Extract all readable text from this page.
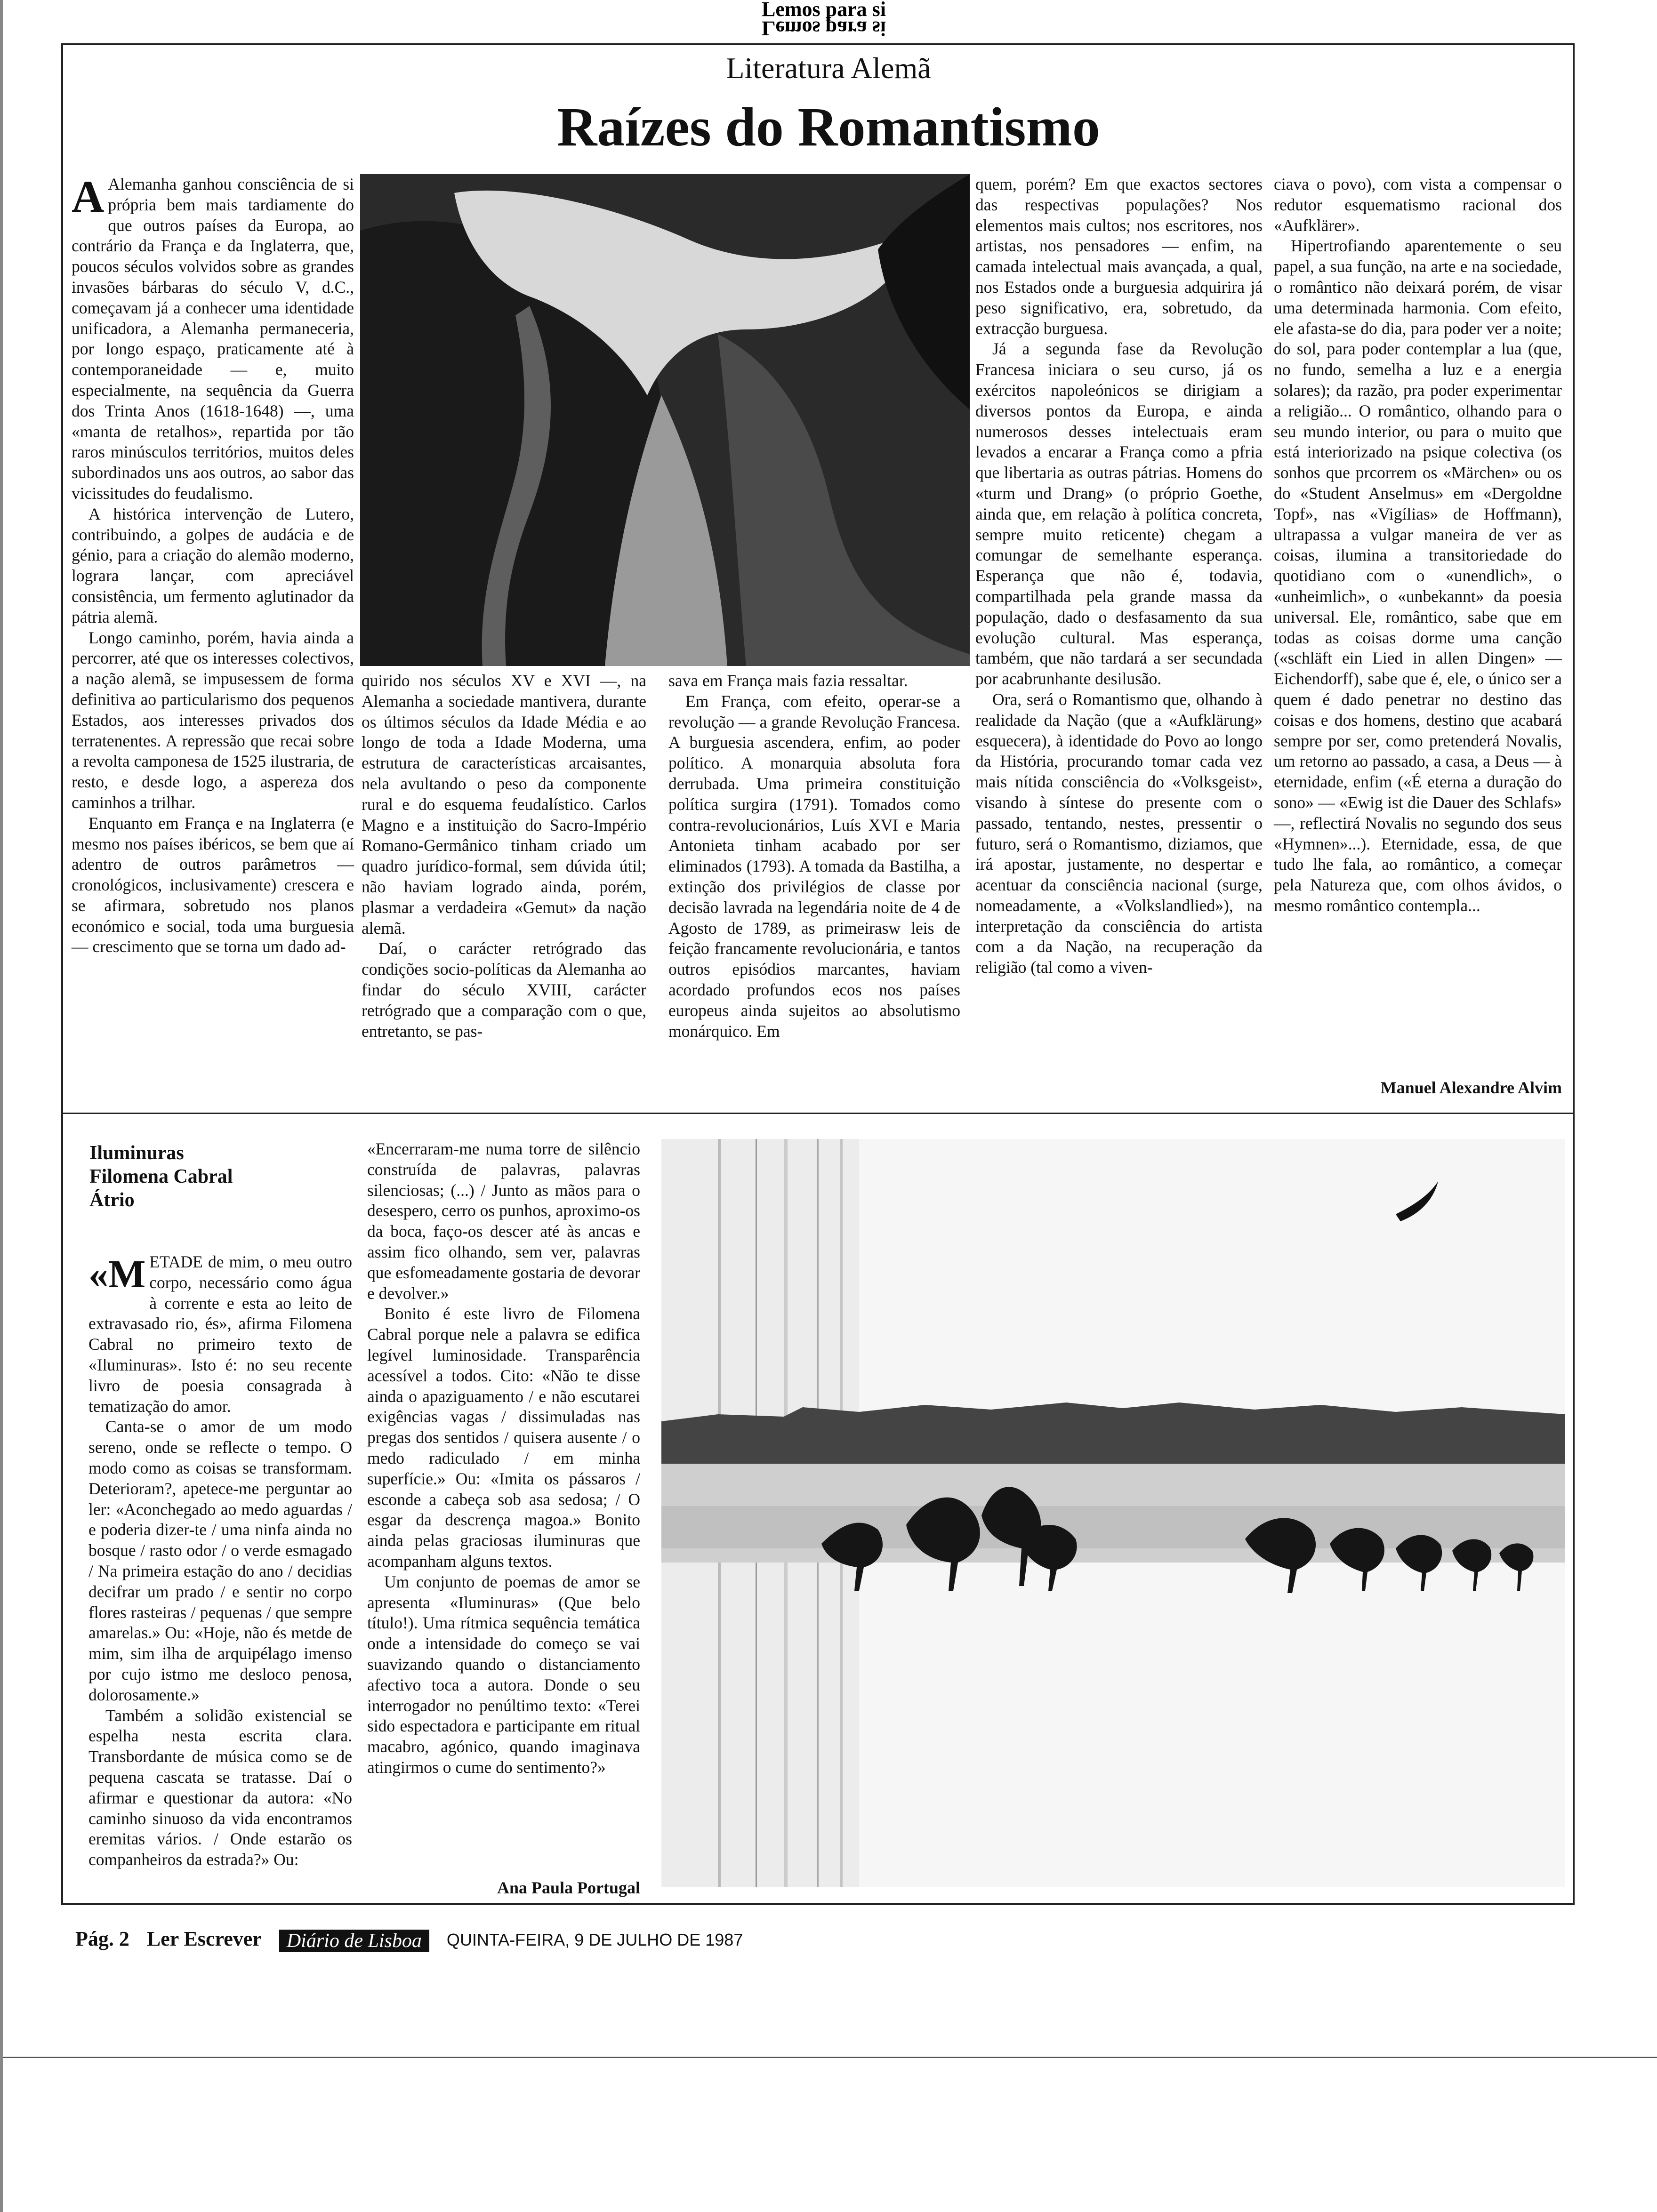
Lemos para si
Lemos para si
Literatura Alemã
Raízes do Romantismo

A Alemanha ganhou consciência de si própria bem mais tardiamente do que outros países da Europa, ao contrário da França e da Inglaterra, que, poucos séculos volvidos sobre as grandes invasões bárbaras do século V, d.C., começavam já a conhecer uma identidade unificadora, a Alemanha permaneceria, por longo espaço, praticamente até à contemporaneidade — e, muito especialmente, na sequência da Guerra dos Trinta Anos (1618-1648) —, uma «manta de retalhos», repartida por tão raros minúsculos territórios, muitos deles subordinados uns aos outros, ao sabor das vicissitudes do feudalismo.

A histórica intervenção de Lutero, contribuindo, a golpes de audácia e de génio, para a criação do alemão moderno, lograra lançar, com apreciável consistência, um fermento aglutinador da pátria alemã.

Longo caminho, porém, havia ainda a percorrer, até que os interesses colectivos, a nação alemã, se impusessem de forma definitiva ao particularismo dos pequenos Estados, aos interesses privados dos terratenentes. A repressão que recai sobre a revolta camponesa de 1525 ilustraria, de resto, e desde logo, a aspereza dos caminhos a trilhar.

Enquanto em França e na Inglaterra (e mesmo nos países ibéricos, se bem que aí adentro de outros parâmetros — cronológicos, inclusivamente) crescera e se afirmara, sobretudo nos planos económico e social, toda uma burguesia — crescimento que se torna um dado ad-

quirido nos séculos XV e XVI —, na Alemanha a sociedade mantivera, durante os últimos séculos da Idade Média e ao longo de toda a Idade Moderna, uma estrutura de características arcaisantes, nela avultando o peso da componente rural e do esquema feudalístico. Carlos Magno e a instituição do Sacro-Império Romano-Germânico tinham criado um quadro jurídico-formal, sem dúvida útil; não haviam logrado ainda, porém, plasmar a verdadeira «Gemut» da nação alemã.

Daí, o carácter retrógrado das condições socio-políticas da Alemanha ao findar do século XVIII, carácter retrógrado que a comparação com o que, entretanto, se pas-

sava em França mais fazia ressaltar.

Em França, com efeito, operar-se a revolução — a grande Revolução Francesa. A burguesia ascendera, enfim, ao poder político. A monarquia absoluta fora derrubada. Uma primeira constituição política surgira (1791). Tomados como contra-revolucionários, Luís XVI e Maria Antonieta tinham acabado por ser eliminados (1793). A tomada da Bastilha, a extinção dos privilégios de classe por decisão lavrada na legendária noite de 4 de Agosto de 1789, as primeirasw leis de feição francamente revolucionária, e tantos outros episódios marcantes, haviam acordado profundos ecos nos países europeus ainda sujeitos ao absolutismo monárquico. Em

quem, porém? Em que exactos sectores das respectivas populações? Nos elementos mais cultos; nos escritores, nos artistas, nos pensadores — enfim, na camada intelectual mais avançada, a qual, nos Estados onde a burguesia adquirira já peso significativo, era, sobretudo, da extracção burguesa.

Já a segunda fase da Revolução Francesa iniciara o seu curso, já os exércitos napoleónicos se dirigiam a diversos pontos da Europa, e ainda numerosos desses intelectuais eram levados a encarar a França como a pfria que libertaria as outras pátrias. Homens do «turm und Drang» (o próprio Goethe, ainda que, em relação à política concreta, sempre muito reticente) chegam a comungar de semelhante esperança. Esperança que não é, todavia, compartilhada pela grande massa da população, dado o desfasamento da sua evolução cultural. Mas esperança, também, que não tardará a ser secundada por acabrunhante desilusão.

Ora, será o Romantismo que, olhando à realidade da Nação (que a «Aufklärung» esquecera), à identidade do Povo ao longo da História, procurando tomar cada vez mais nítida consciência do «Volksgeist», visando à síntese do presente com o passado, tentando, nestes, pressentir o futuro, será o Romantismo, diziamos, que irá apostar, justamente, no despertar e acentuar da consciência nacional (surge, nomeadamente, a «Volkslandlied»), na interpretação da consciência do artista com a da Nação, na recuperação da religião (tal como a viven-

ciava o povo), com vista a compensar o redutor esquematismo racional dos «Aufklärer».

Hipertrofiando aparentemente o seu papel, a sua função, na arte e na sociedade, o romântico não deixará porém, de visar uma determinada harmonia. Com efeito, ele afasta-se do dia, para poder ver a noite; do sol, para poder contemplar a lua (que, no fundo, semelha a luz e a energia solares); da razão, pra poder experimentar a religião... O romântico, olhando para o seu mundo interior, ou para o muito que está interiorizado na psique colectiva (os sonhos que prcorrem os «Märchen» ou os do «Student Anselmus» em «Dergoldne Topf», nas «Vigílias» de Hoffmann), ultrapassa a vulgar maneira de ver as coisas, ilumina a transitoriedade do quotidiano com o «unendlich», o «unheimlich», o «unbekannt» da poesia universal. Ele, romântico, sabe que em todas as coisas dorme uma canção («schläft ein Lied in allen Dingen» — Eichendorff), sabe que é, ele, o único ser a quem é dado penetrar no destino das coisas e dos homens, destino que acabará sempre por ser, como pretenderá Novalis, um retorno ao passado, a casa, a Deus — à eternidade, enfim («É eterna a duração do sono» — «Ewig ist die Dauer des Schlafs» —, reflectirá Novalis no segundo dos seus «Hymnen»...). Eternidade, essa, de que tudo lhe fala, ao romântico, a começar pela Natureza que, com olhos ávidos, o mesmo romântico contempla...

Manuel Alexandre Alvim
Iluminuras
Filomena Cabral
Átrio

«METADE de mim, o meu outro corpo, necessário como água à corrente e esta ao leito de extravasado rio, és», afirma Filomena Cabral no primeiro texto de «Iluminuras». Isto é: no seu recente livro de poesia consagrada à tematização do amor.

Canta-se o amor de um modo sereno, onde se reflecte o tempo. O modo como as coisas se transformam. Deterioram?, apetece-me perguntar ao ler: «Aconchegado ao medo aguardas / e poderia dizer-te / uma ninfa ainda no bosque / rasto odor / o verde esmagado / Na primeira estação do ano / decidias decifrar um prado / e sentir no corpo flores rasteiras / pequenas / que sempre amarelas.» Ou: «Hoje, não és metde de mim, sim ilha de arquipélago imenso por cujo istmo me desloco penosa, dolorosamente.»

Também a solidão existencial se espelha nesta escrita clara. Transbordante de música como se de pequena cascata se tratasse. Daí o afirmar e questionar da autora: «No caminho sinuoso da vida encontramos eremitas vários. / Onde estarão os companheiros da estrada?» Ou:

«Encerraram-me numa torre de silêncio construída de palavras, palavras silenciosas; (...) / Junto as mãos para o desespero, cerro os punhos, aproximo-os da boca, faço-os descer até às ancas e assim fico olhando, sem ver, palavras que esfomeadamente gostaria de devorar e devolver.»

Bonito é este livro de Filomena Cabral porque nele a palavra se edifica legível luminosidade. Transparência acessível a todos. Cito: «Não te disse ainda o apaziguamento / e não escutarei exigências vagas / dissimuladas nas pregas dos sentidos / quisera ausente / o medo radiculado / em minha superfície.» Ou: «Imita os pássaros / esconde a cabeça sob asa sedosa; / O esgar da descrença magoa.» Bonito ainda pelas graciosas iluminuras que acompanham alguns textos.

Um conjunto de poemas de amor se apresenta «Iluminuras» (Que belo título!). Uma rítmica sequência temática onde a intensidade do começo se vai suavizando quando o distanciamento afectivo toca a autora. Donde o seu interrogador no penúltimo texto: «Terei sido espectadora e participante em ritual macabro, agónico, quando imaginava atingirmos o cume do sentimento?»

Ana Paula Portugal
Pág. 2 Ler Escrever Diário de Lisboa QUINTA-FEIRA, 9 DE JULHO DE 1987
